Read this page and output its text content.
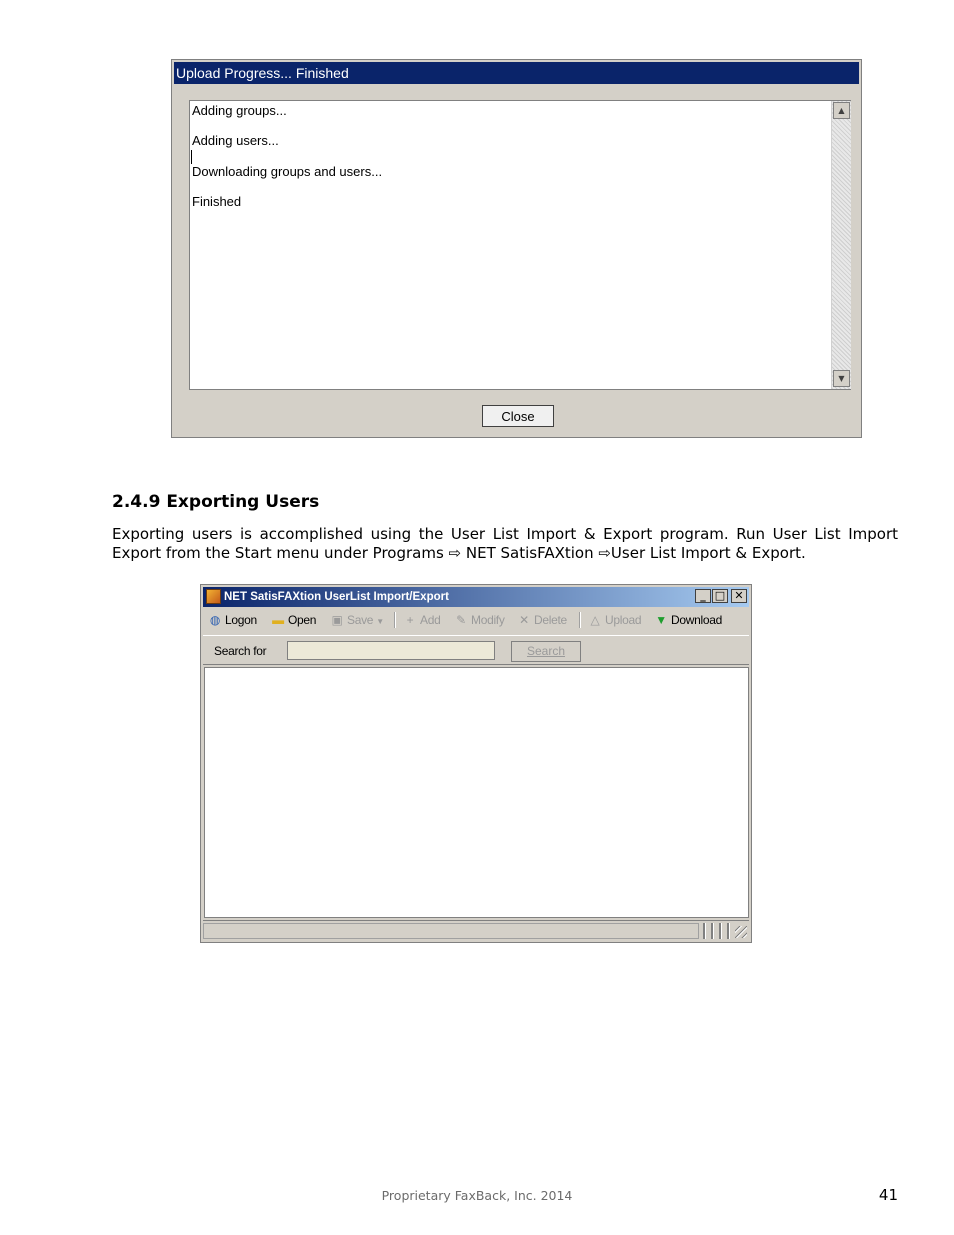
Upload Progress... Finished
Adding groups...
Adding users...
Downloading groups and users...
Finished
▲
▼
Close
2.4.9 Exporting Users
Exporting users is accomplished using the User List Import & Export program. Run User List Import Export from the Start menu under Programs ⇨ NET SatisFAXtion ⇨User List Import & Export.
NET SatisFAXtion UserList Import/Export	_ □ ✕
◍ Logon ▬ Open ▣ Save ▼	+ Add ✎ Modify ✕ Delete △ Upload ▼ Download
Search for	Search
Proprietary FaxBack, Inc. 2014	41
